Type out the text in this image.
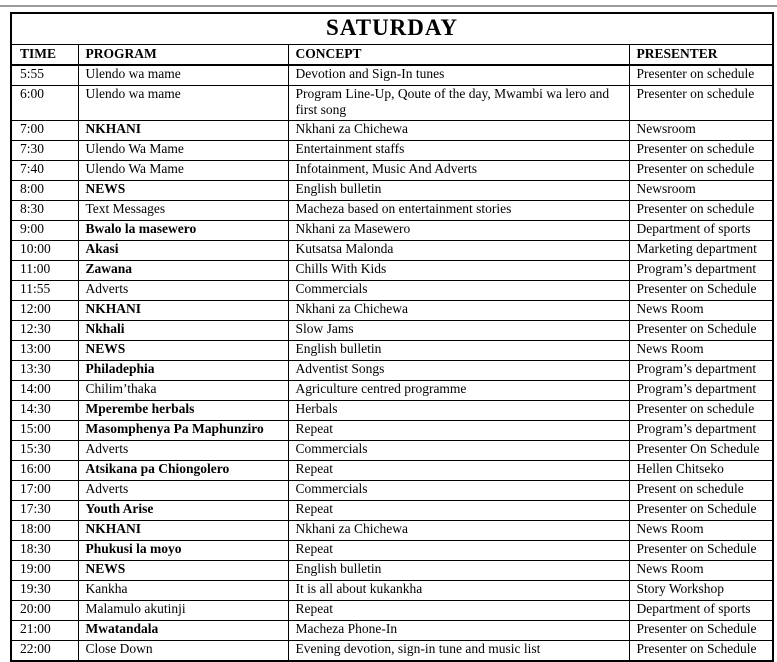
SATURDAY			
TIME	PROGRAM	CONCEPT	PRESENTER
5:55	Ulendo wa mame	Devotion and Sign-In tunes	Presenter on schedule
6:00	Ulendo wa mame	Program Line-Up, Qoute of the day, Mwambi wa lero and first song	Presenter on schedule
7:00	NKHANI	Nkhani za Chichewa	Newsroom
7:30	Ulendo Wa Mame	Entertainment staffs	Presenter on schedule
7:40	Ulendo Wa Mame	Infotainment, Music And Adverts	Presenter on schedule
8:00	NEWS	English bulletin	Newsroom
8:30	Text Messages	Macheza based on entertainment stories	Presenter on schedule
9:00	Bwalo la masewero	Nkhani za Masewero	Department of sports
10:00	Akasi	Kutsatsa Malonda	Marketing department
11:00	Zawana	Chills With Kids	Program’s department
11:55	Adverts	Commercials	Presenter on Schedule
12:00	NKHANI	Nkhani za Chichewa	News Room
12:30	Nkhali	Slow Jams	Presenter on Schedule
13:00	NEWS	English bulletin	News Room
13:30	Philadephia	Adventist Songs	Program’s department
14:00	Chilim’thaka	Agriculture centred programme	Program’s department
14:30	Mperembe herbals	Herbals	Presenter on schedule
15:00	Masomphenya Pa Maphunziro	Repeat	Program’s department
15:30	Adverts	Commercials	Presenter On Schedule
16:00	Atsikana pa Chiongolero	Repeat	Hellen Chitseko
17:00	Adverts	Commercials	Present on schedule
17:30	Youth Arise	Repeat	Presenter on Schedule
18:00	NKHANI	Nkhani za Chichewa	News Room
18:30	Phukusi la moyo	Repeat	Presenter on Schedule
19:00	NEWS	English bulletin	News Room
19:30	Kankha	It is all about kukankha	Story Workshop
20:00	Malamulo akutinji	Repeat	Department of sports
21:00	Mwatandala	Macheza Phone-In	Presenter on Schedule
22:00	Close Down	Evening devotion, sign-in tune and music list	Presenter on Schedule
